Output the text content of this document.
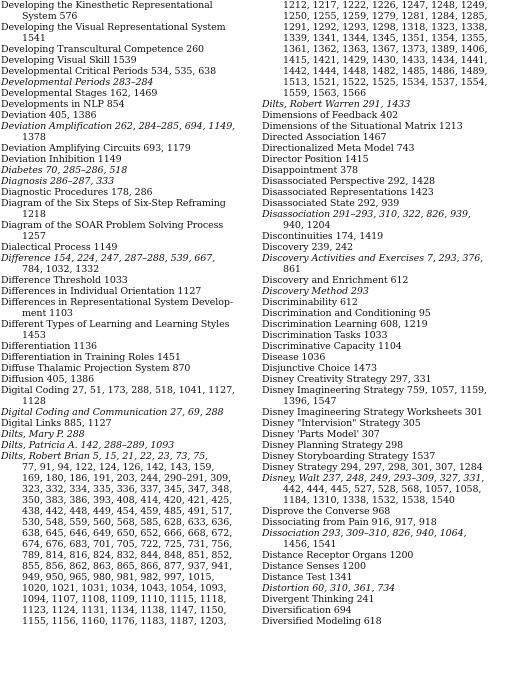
Developing the Kinesthetic Representational
System 576
Developing the Visual Representational System
1541
Developing Transcultural Competence 260
Developing Visual Skill 1539
Developmental Critical Periods 534, 535, 638
Developmental Periods 283–284
Developmental Stages 162, 1469
Developments in NLP 854
Deviation 405, 1386
Deviation Amplification 262, 284–285, 694, 1149,
1378
Deviation Amplifying Circuits 693, 1179
Deviation Inhibition 1149
Diabetes 70, 285–286, 518
Diagnosis 286–287, 333
Diagnostic Procedures 178, 286
Diagram of the Six Steps of Six-Step Reframing
1218
Diagram of the SOAR Problem Solving Process
1257
Dialectical Process 1149
Difference 154, 224, 247, 287–288, 539, 667,
784, 1032, 1332
Difference Threshold 1033
Differences in Individual Orientation 1127
Differences in Representational System Develop-
ment 1103
Different Types of Learning and Learning Styles
1453
Differentiation 1136
Differentiation in Training Roles 1451
Diffuse Thalamic Projection System 870
Diffusion 405, 1386
Digital Coding 27, 51, 173, 288, 518, 1041, 1127,
1128
Digital Coding and Communication 27, 69, 288
Digital Links 885, 1127
Dilts, Mary P. 288
Dilts, Patricia A. 142, 288–289, 1093
Dilts, Robert Brian 5, 15, 21, 22, 23, 73, 75,
77, 91, 94, 122, 124, 126, 142, 143, 159,
169, 180, 186, 191, 203, 244, 290–291, 309,
323, 332, 334, 335, 336, 337, 345, 347, 348,
350, 383, 386, 393, 408, 414, 420, 421, 425,
438, 442, 448, 449, 454, 459, 485, 491, 517,
530, 548, 559, 560, 568, 585, 628, 633, 636,
638, 645, 646, 649, 650, 652, 666, 668, 672,
674, 676, 683, 701, 705, 722, 725, 731, 756,
789, 814, 816, 824, 832, 844, 848, 851, 852,
855, 856, 862, 863, 865, 866, 877, 937, 941,
949, 950, 965, 980, 981, 982, 997, 1015,
1020, 1021, 1031, 1034, 1043, 1054, 1093,
1094, 1107, 1108, 1109, 1110, 1115, 1118,
1123, 1124, 1131, 1134, 1138, 1147, 1150,
1155, 1156, 1160, 1176, 1183, 1187, 1203,
1212, 1217, 1222, 1226, 1247, 1248, 1249,
1250, 1255, 1259, 1279, 1281, 1284, 1285,
1291, 1292, 1293, 1298, 1318, 1323, 1338,
1339, 1341, 1344, 1345, 1351, 1354, 1355,
1361, 1362, 1363, 1367, 1373, 1389, 1406,
1415, 1421, 1429, 1430, 1433, 1434, 1441,
1442, 1444, 1448, 1482, 1485, 1486, 1489,
1513, 1521, 1522, 1525, 1534, 1537, 1554,
1559, 1563, 1566
Dilts, Robert Warren 291, 1433
Dimensions of Feedback 402
Dimensions of the Situational Matrix 1213
Directed Association 1467
Directionalized Meta Model 743
Director Position 1415
Disappointment 378
Disassociated Perspective 292, 1428
Disassociated Representations 1423
Disassociated State 292, 939
Disassociation 291–293, 310, 322, 826, 939,
940, 1204
Discontinuities 174, 1419
Discovery 239, 242
Discovery Activities and Exercises 7, 293, 376,
861
Discovery and Enrichment 612
Discovery Method 293
Discriminability 612
Discrimination and Conditioning 95
Discrimination Learning 608, 1219
Discrimination Tasks 1033
Discriminative Capacity 1104
Disease 1036
Disjunctive Choice 1473
Disney Creativity Strategy 297, 331
Disney Imagineering Strategy 759, 1057, 1159,
1396, 1547
Disney Imagineering Strategy Worksheets 301
Disney "Intervision" Strategy 305
Disney 'Parts Model' 307
Disney Planning Strategy 298
Disney Storyboarding Strategy 1537
Disney Strategy 294, 297, 298, 301, 307, 1284
Disney, Walt 237, 248, 249, 293–309, 327, 331,
442, 444, 445, 527, 528, 568, 1057, 1058,
1184, 1310, 1338, 1532, 1538, 1540
Disprove the Converse 968
Dissociating from Pain 916, 917, 918
Dissociation 293, 309–310, 826, 940, 1064,
1456, 1541
Distance Receptor Organs 1200
Distance Senses 1200
Distance Test 1341
Distortion 60, 310, 361, 734
Divergent Thinking 241
Diversification 694
Diversified Modeling 618
